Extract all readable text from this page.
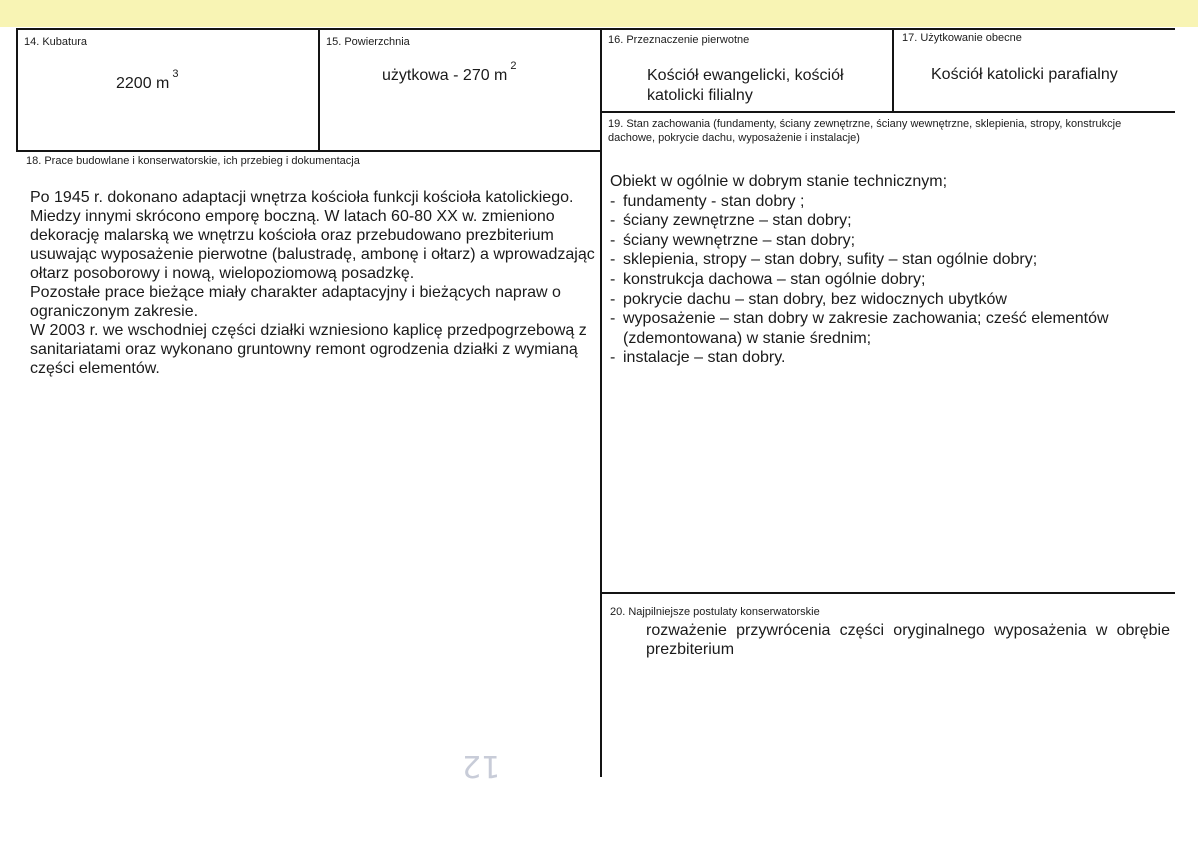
14. Kubatura
2200 $m^3$
15. Powierzchnia
użytkowa - 270 $m^2$
16. Przeznaczenie pierwotne
Kościół ewangelicki, kościół
katolicki filialny
17. Użytkowanie obecne
Kościół katolicki parafialny
18. Prace budowlane i konserwatorskie, ich przebieg i dokumentacja

Po 1945 r. dokonano adaptacji wnętrza kościoła funkcji kościoła katolickiego. Miedzy innymi skrócono emporę boczną. W latach 60-80 XX w. zmieniono dekorację malarską we wnętrzu kościoła oraz przebudowano prezbiterium usuwając wyposażenie pierwotne (balustradę, ambonę i ołtarz) a wprowadzając ołtarz posoborowy i nową, wielopoziomową posadzkę.

Pozostałe prace bieżące miały charakter adaptacyjny i bieżących napraw o ograniczonym zakresie.

W 2003 r. we wschodniej części działki wzniesiono kaplicę przedpogrzebową z sanitariatami oraz wykonano gruntowny remont ogrodzenia działki z wymianą części elementów.

19. Stan zachowania (fundamenty, ściany zewnętrzne, ściany wewnętrzne, sklepienia, stropy, konstrukcje dachowe, pokrycie dachu, wyposażenie i instalacje)
Obiekt w ogólnie w dobrym stanie technicznym;
- fundamenty - stan dobry ;
- ściany zewnętrzne – stan dobry;
- ściany wewnętrzne – stan dobry;
- sklepienia, stropy – stan dobry, sufity – stan ogólnie dobry;
- konstrukcja dachowa – stan ogólnie dobry;
- pokrycie dachu – stan dobry, bez widocznych ubytków
- wyposażenie – stan dobry w zakresie zachowania; cześć elementów (zdemontowana) w stanie średnim;
- instalacje – stan dobry.
20. Najpilniejsze postulaty konserwatorskie
rozważenie przywrócenia części oryginalnego wyposażenia w obrębie prezbiterium
12
